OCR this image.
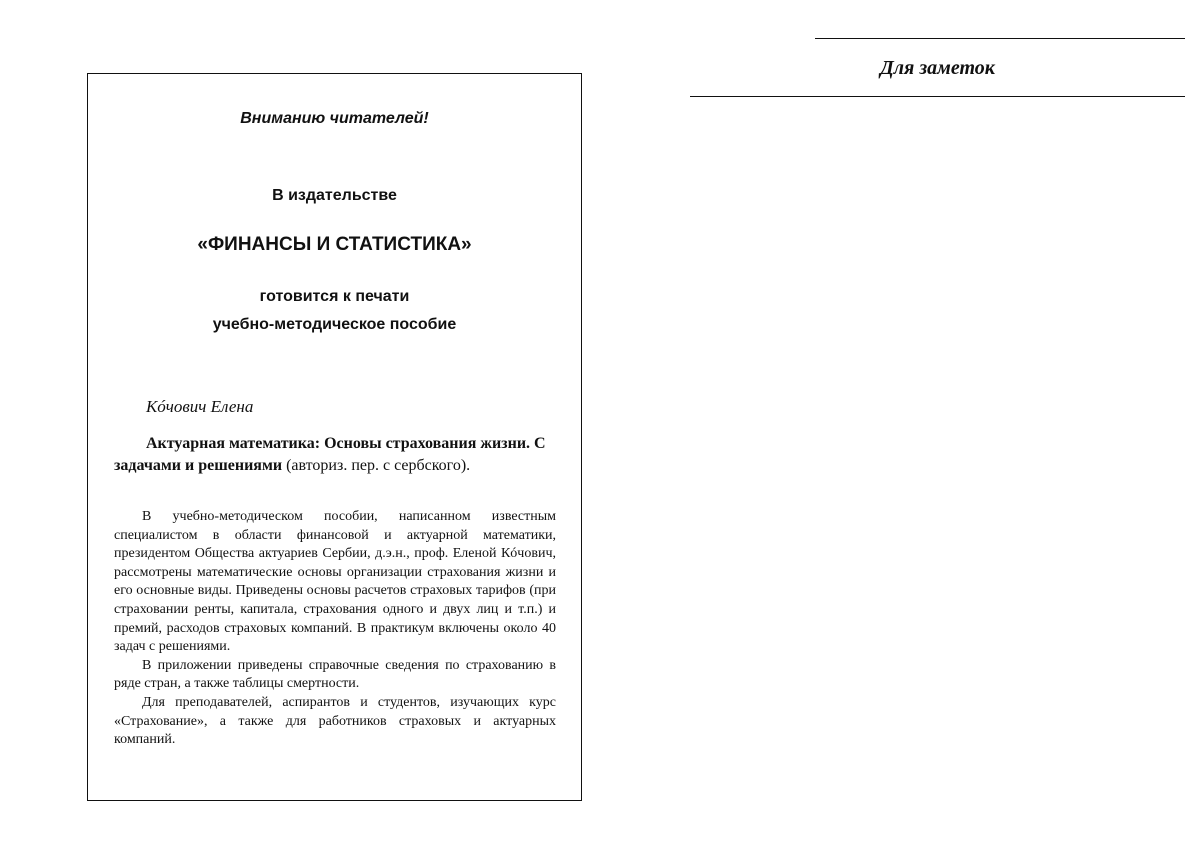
Вниманию читателей!
В издательстве
«ФИНАНСЫ И СТАТИСТИКА»
готовится к печати
учебно-методическое пособие
Кóчович Елена
Актуарная математика: Основы страхования жизни. С задачами и решениями (авториз. пер. с сербского).

В учебно-методическом пособии, написанном известным специалистом в области финансовой и актуарной математики, президентом Общества актуариев Сербии, д.э.н., проф. Еленой Кóчович, рассмотрены математические основы организации страхования жизни и его основные виды. Приведены основы расчетов страховых тарифов (при страховании ренты, капитала, страхования одного и двух лиц и т.п.) и премий, расходов страховых компаний. В практикум включены около 40 задач с решениями.

В приложении приведены справочные сведения по страхованию в ряде стран, а также таблицы смертности.

Для преподавателей, аспирантов и студентов, изучающих курс «Страхование», а также для работников страховых и актуарных компаний.

Для заметок
